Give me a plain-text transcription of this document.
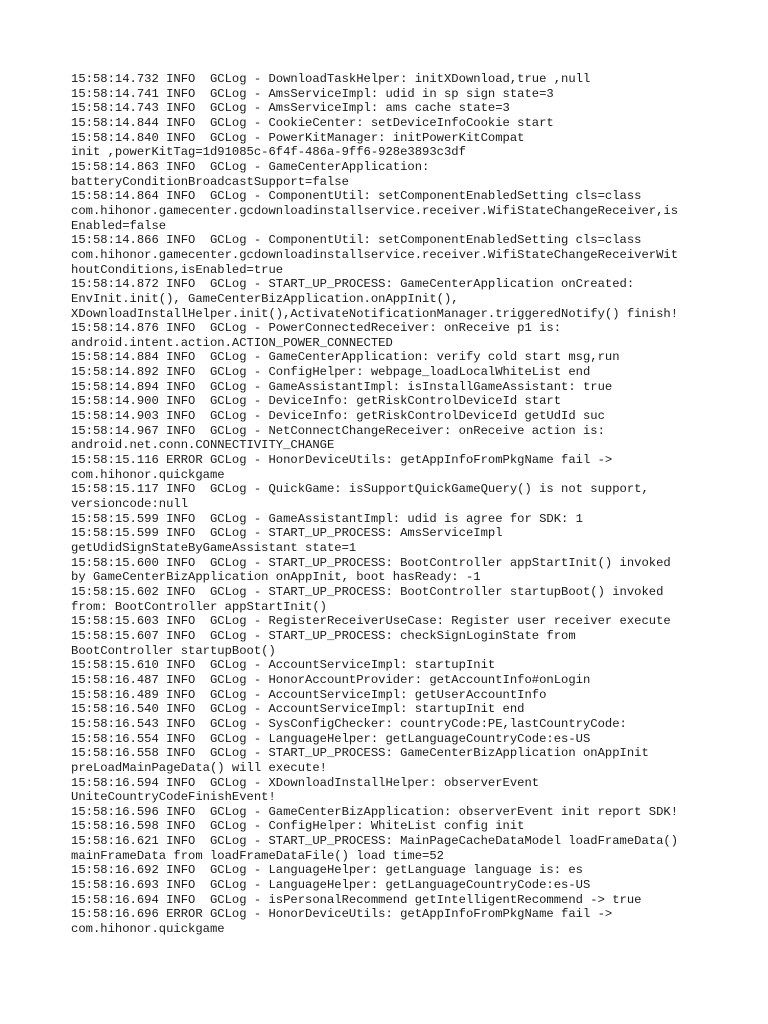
15:58:14.732 INFO  GCLog - DownloadTaskHelper: initXDownload,true ,null
15:58:14.741 INFO  GCLog - AmsServiceImpl: udid in sp sign state=3
15:58:14.743 INFO  GCLog - AmsServiceImpl: ams cache state=3
15:58:14.844 INFO  GCLog - CookieCenter: setDeviceInfoCookie start
15:58:14.840 INFO  GCLog - PowerKitManager: initPowerKitCompat
init ,powerKitTag=1d91085c-6f4f-486a-9ff6-928e3893c3df
15:58:14.863 INFO  GCLog - GameCenterApplication:
batteryConditionBroadcastSupport=false
15:58:14.864 INFO  GCLog - ComponentUtil: setComponentEnabledSetting cls=class
com.hihonor.gamecenter.gcdownloadinstallservice.receiver.WifiStateChangeReceiver,is
Enabled=false
15:58:14.866 INFO  GCLog - ComponentUtil: setComponentEnabledSetting cls=class
com.hihonor.gamecenter.gcdownloadinstallservice.receiver.WifiStateChangeReceiverWit
houtConditions,isEnabled=true
15:58:14.872 INFO  GCLog - START_UP_PROCESS: GameCenterApplication onCreated:
EnvInit.init(), GameCenterBizApplication.onAppInit(),
XDownloadInstallHelper.init(),ActivateNotificationManager.triggeredNotify() finish!
15:58:14.876 INFO  GCLog - PowerConnectedReceiver: onReceive p1 is:
android.intent.action.ACTION_POWER_CONNECTED
15:58:14.884 INFO  GCLog - GameCenterApplication: verify cold start msg,run
15:58:14.892 INFO  GCLog - ConfigHelper: webpage_loadLocalWhiteList end
15:58:14.894 INFO  GCLog - GameAssistantImpl: isInstallGameAssistant: true
15:58:14.900 INFO  GCLog - DeviceInfo: getRiskControlDeviceId start
15:58:14.903 INFO  GCLog - DeviceInfo: getRiskControlDeviceId getUdId suc
15:58:14.967 INFO  GCLog - NetConnectChangeReceiver: onReceive action is:
android.net.conn.CONNECTIVITY_CHANGE
15:58:15.116 ERROR GCLog - HonorDeviceUtils: getAppInfoFromPkgName fail ->
com.hihonor.quickgame
15:58:15.117 INFO  GCLog - QuickGame: isSupportQuickGameQuery() is not support,
versioncode:null
15:58:15.599 INFO  GCLog - GameAssistantImpl: udid is agree for SDK: 1
15:58:15.599 INFO  GCLog - START_UP_PROCESS: AmsServiceImpl
getUdidSignStateByGameAssistant state=1
15:58:15.600 INFO  GCLog - START_UP_PROCESS: BootController appStartInit() invoked
by GameCenterBizApplication onAppInit, boot hasReady: -1
15:58:15.602 INFO  GCLog - START_UP_PROCESS: BootController startupBoot() invoked
from: BootController appStartInit()
15:58:15.603 INFO  GCLog - RegisterReceiverUseCase: Register user receiver execute
15:58:15.607 INFO  GCLog - START_UP_PROCESS: checkSignLoginState from
BootController startupBoot()
15:58:15.610 INFO  GCLog - AccountServiceImpl: startupInit
15:58:16.487 INFO  GCLog - HonorAccountProvider: getAccountInfo#onLogin
15:58:16.489 INFO  GCLog - AccountServiceImpl: getUserAccountInfo
15:58:16.540 INFO  GCLog - AccountServiceImpl: startupInit end
15:58:16.543 INFO  GCLog - SysConfigChecker: countryCode:PE,lastCountryCode:
15:58:16.554 INFO  GCLog - LanguageHelper: getLanguageCountryCode:es-US
15:58:16.558 INFO  GCLog - START_UP_PROCESS: GameCenterBizApplication onAppInit
preLoadMainPageData() will execute!
15:58:16.594 INFO  GCLog - XDownloadInstallHelper: observerEvent
UniteCountryCodeFinishEvent!
15:58:16.596 INFO  GCLog - GameCenterBizApplication: observerEvent init report SDK!
15:58:16.598 INFO  GCLog - ConfigHelper: WhiteList config init
15:58:16.621 INFO  GCLog - START_UP_PROCESS: MainPageCacheDataModel loadFrameData()
mainFrameData from loadFrameDataFile() load time=52
15:58:16.692 INFO  GCLog - LanguageHelper: getLanguage language is: es
15:58:16.693 INFO  GCLog - LanguageHelper: getLanguageCountryCode:es-US
15:58:16.694 INFO  GCLog - isPersonalRecommend getIntelligentRecommend -> true
15:58:16.696 ERROR GCLog - HonorDeviceUtils: getAppInfoFromPkgName fail ->
com.hihonor.quickgame
